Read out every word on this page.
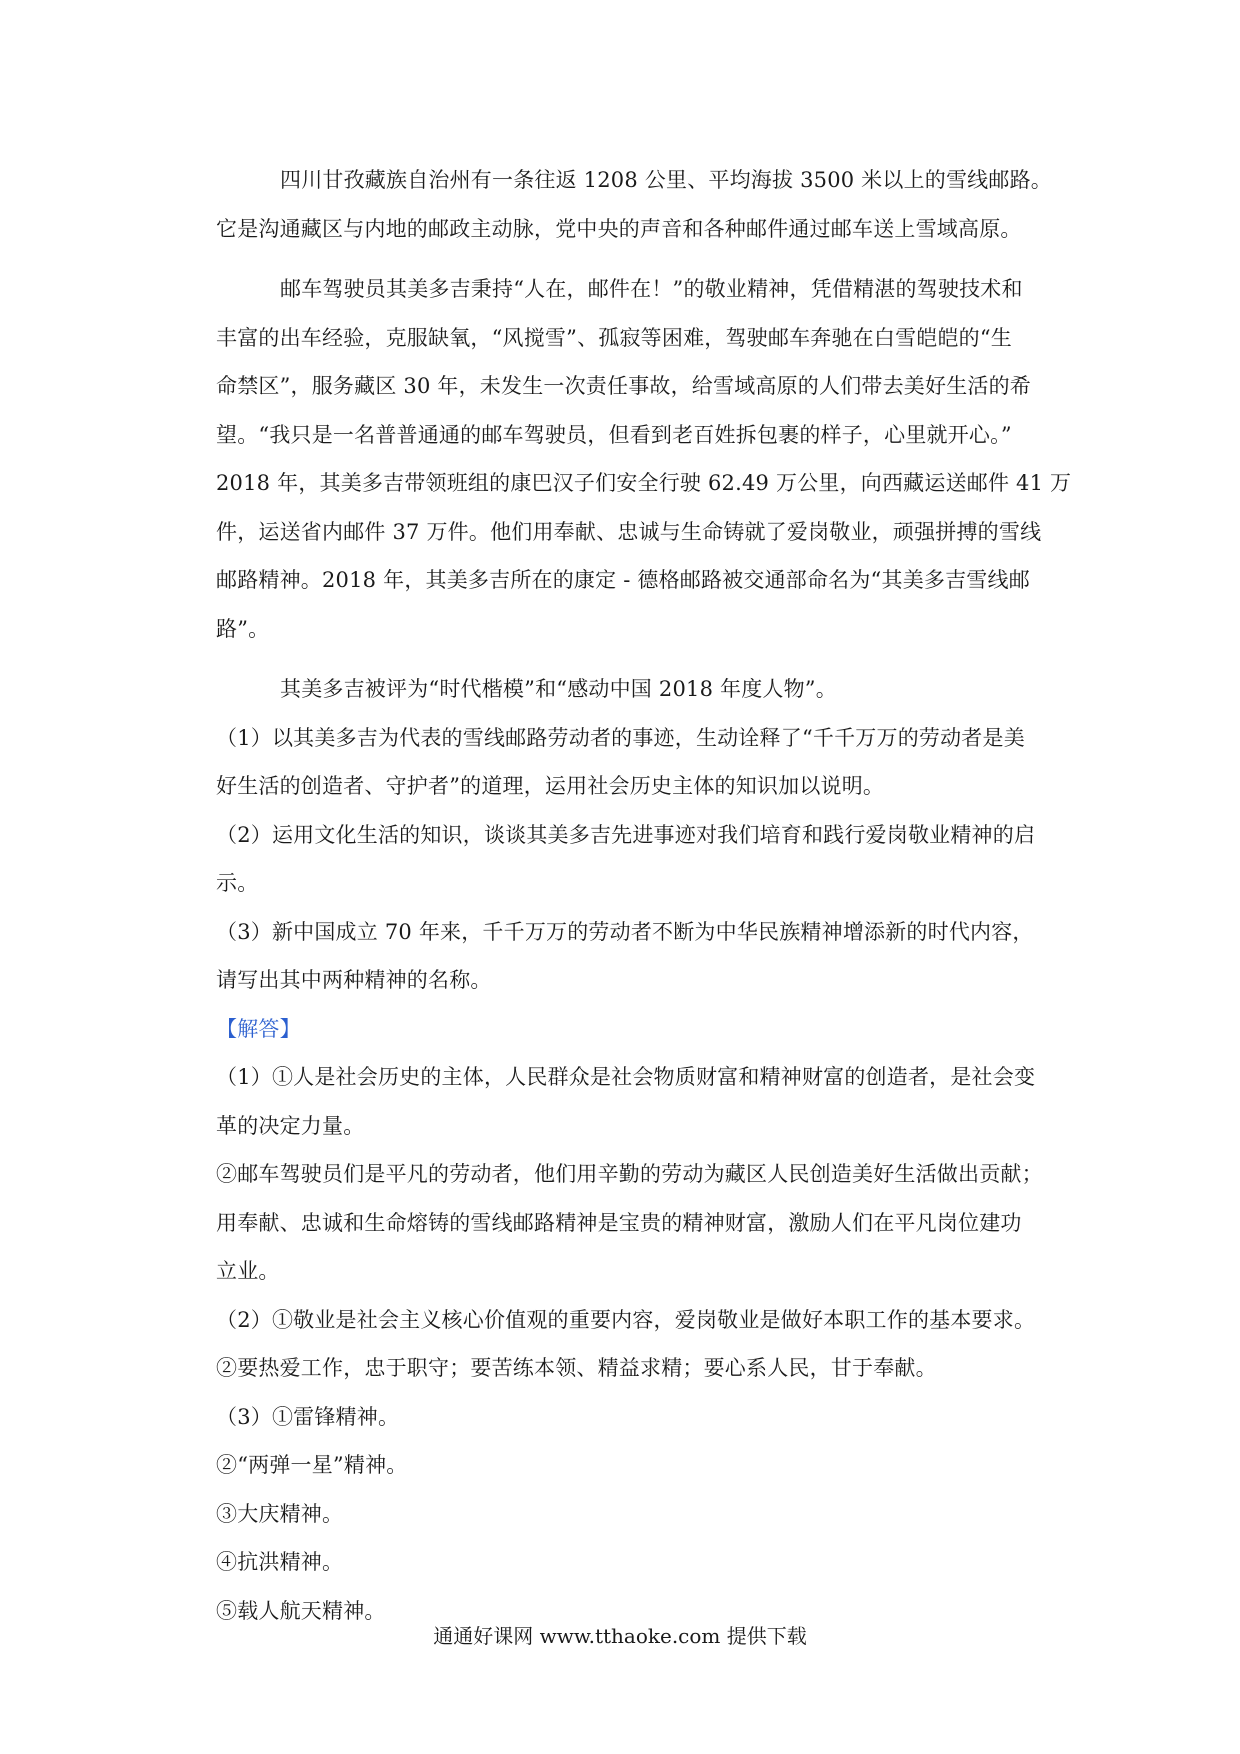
四川甘孜藏族自治州有一条往返 1208 公里、平均海拔 3500 米以上的雪线邮路。
它是沟通藏区与内地的邮政主动脉，党中央的声音和各种邮件通过邮车送上雪域高原。
邮车驾驶员其美多吉秉持“人在，邮件在！”的敬业精神，凭借精湛的驾驶技术和
丰富的出车经验，克服缺氧，“风搅雪”、孤寂等困难，驾驶邮车奔驰在白雪皑皑的“生
命禁区”，服务藏区 30 年，未发生一次责任事故，给雪域高原的人们带去美好生活的希
望。“我只是一名普普通通的邮车驾驶员，但看到老百姓拆包裹的样子，心里就开心。”
2018 年，其美多吉带领班组的康巴汉子们安全行驶 62.49 万公里，向西藏运送邮件 41 万
件，运送省内邮件 37 万件。他们用奉献、忠诚与生命铸就了爱岗敬业，顽强拼搏的雪线
邮路精神。2018 年，其美多吉所在的康定 - 德格邮路被交通部命名为“其美多吉雪线邮
路”。
其美多吉被评为“时代楷模”和“感动中国 2018 年度人物”。
（1）以其美多吉为代表的雪线邮路劳动者的事迹，生动诠释了“千千万万的劳动者是美
好生活的创造者、守护者”的道理，运用社会历史主体的知识加以说明。
（2）运用文化生活的知识，谈谈其美多吉先进事迹对我们培育和践行爱岗敬业精神的启
示。
（3）新中国成立 70 年来，千千万万的劳动者不断为中华民族精神增添新的时代内容，
请写出其中两种精神的名称。
【解答】
（1）①人是社会历史的主体，人民群众是社会物质财富和精神财富的创造者，是社会变
革的决定力量。
②邮车驾驶员们是平凡的劳动者，他们用辛勤的劳动为藏区人民创造美好生活做出贡献；
用奉献、忠诚和生命熔铸的雪线邮路精神是宝贵的精神财富，激励人们在平凡岗位建功
立业。
（2）①敬业是社会主义核心价值观的重要内容，爱岗敬业是做好本职工作的基本要求。
②要热爱工作，忠于职守；要苦练本领、精益求精；要心系人民，甘于奉献。
（3）①雷锋精神。
②“两弹一星”精神。
③大庆精神。
④抗洪精神。
⑤载人航天精神。
通通好课网 www.tthaoke.com 提供下载
